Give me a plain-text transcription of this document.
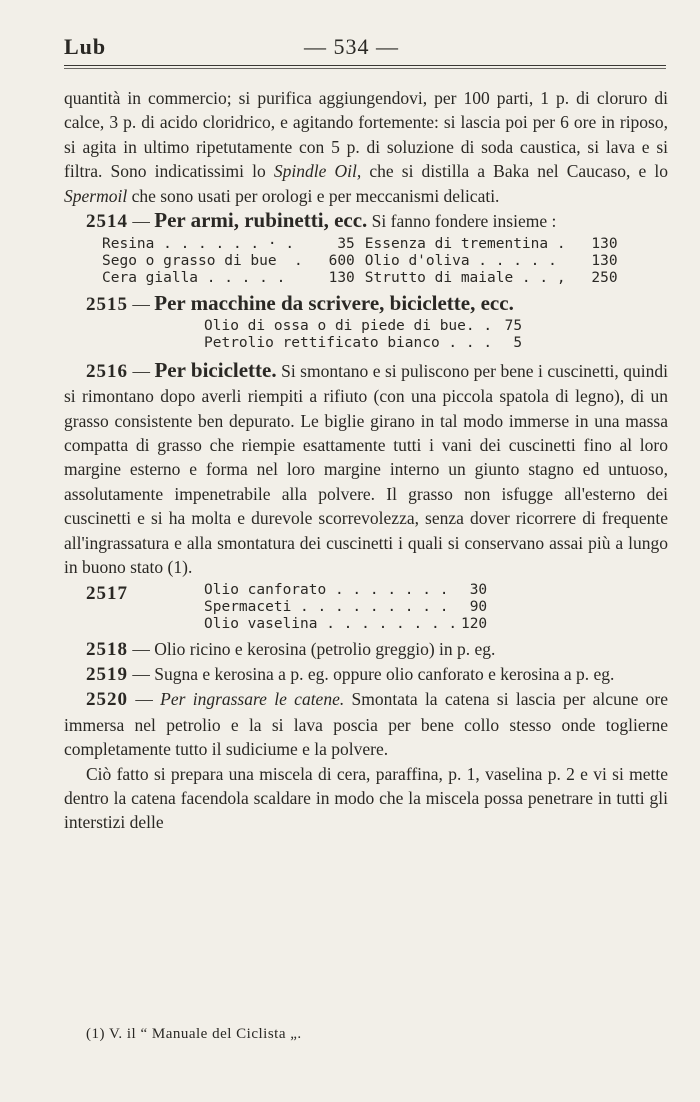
Lub	— 534 —

quantità in commercio; si purifica aggiungendovi, per 100 parti, 1 p. di cloruro di calce, 3 p. di acido cloridrico, e agitando fortemente: si lascia poi per 6 ore in riposo, si agita in ultimo ripetutamente con 5 p. di soluzione di soda caustica, si lava e si filtra. Sono indicatissimi lo Spindle Oil, che si distilla a Baka nel Caucaso, e lo Spermoil che sono usati per orologi e per meccanismi delicati.

2514 — Per armi, rubinetti, ecc. Si fanno fondere insieme :

Resina . . . . . . · .	35	Essenza di trementina .	130
Sego o grasso di bue  .	600	Olio d'oliva . . . . .	130
Cera gialla . . . . .	130	Strutto di maiale . . ,	250

2515 — Per macchine da scrivere, biciclette, ecc.

Olio di ossa o di piede di bue. .	75
Petrolio rettificato bianco . . .	5

2516 — Per biciclette. Si smontano e si puliscono per bene i cuscinetti, quindi si rimontano dopo averli riempiti a rifiuto (con una piccola spatola di legno), di un grasso consistente ben depurato. Le biglie girano in tal modo immerse in una massa compatta di grasso che riempie esattamente tutti i vani dei cuscinetti fino al loro margine esterno e forma nel loro margine interno un giunto stagno ed untuoso, assolutamente impenetrabile alla polvere. Il grasso non isfugge all'esterno dei cuscinetti e si ha molta e durevole scorrevolezza, senza dover ricorrere di frequente all'ingrassatura e alla smontatura dei cuscinetti i quali si conservano assai più a lungo in buono stato (1).

2517	Olio canforato . . . . . . .	30
Spermaceti . . . . . . . . .	90
Olio vaselina . . . . . . . .	120

2518 — Olio ricino e kerosina (petrolio greggio) in p. eg.

2519 — Sugna e kerosina a p. eg. oppure olio canforato e kerosina a p. eg.

2520 — Per ingrassare le catene. Smontata la catena si lascia per alcune ore immersa nel petrolio e la si lava poscia per bene collo stesso onde toglierne completamente tutto il sudiciume e la polvere.

Ciò fatto si prepara una miscela di cera, paraffina, p. 1, vaselina p. 2 e vi si mette dentro la catena facendola scaldare in modo che la miscela possa penetrare in tutti gli interstizi delle

(1) V. il “ Manuale del Ciclista „.
